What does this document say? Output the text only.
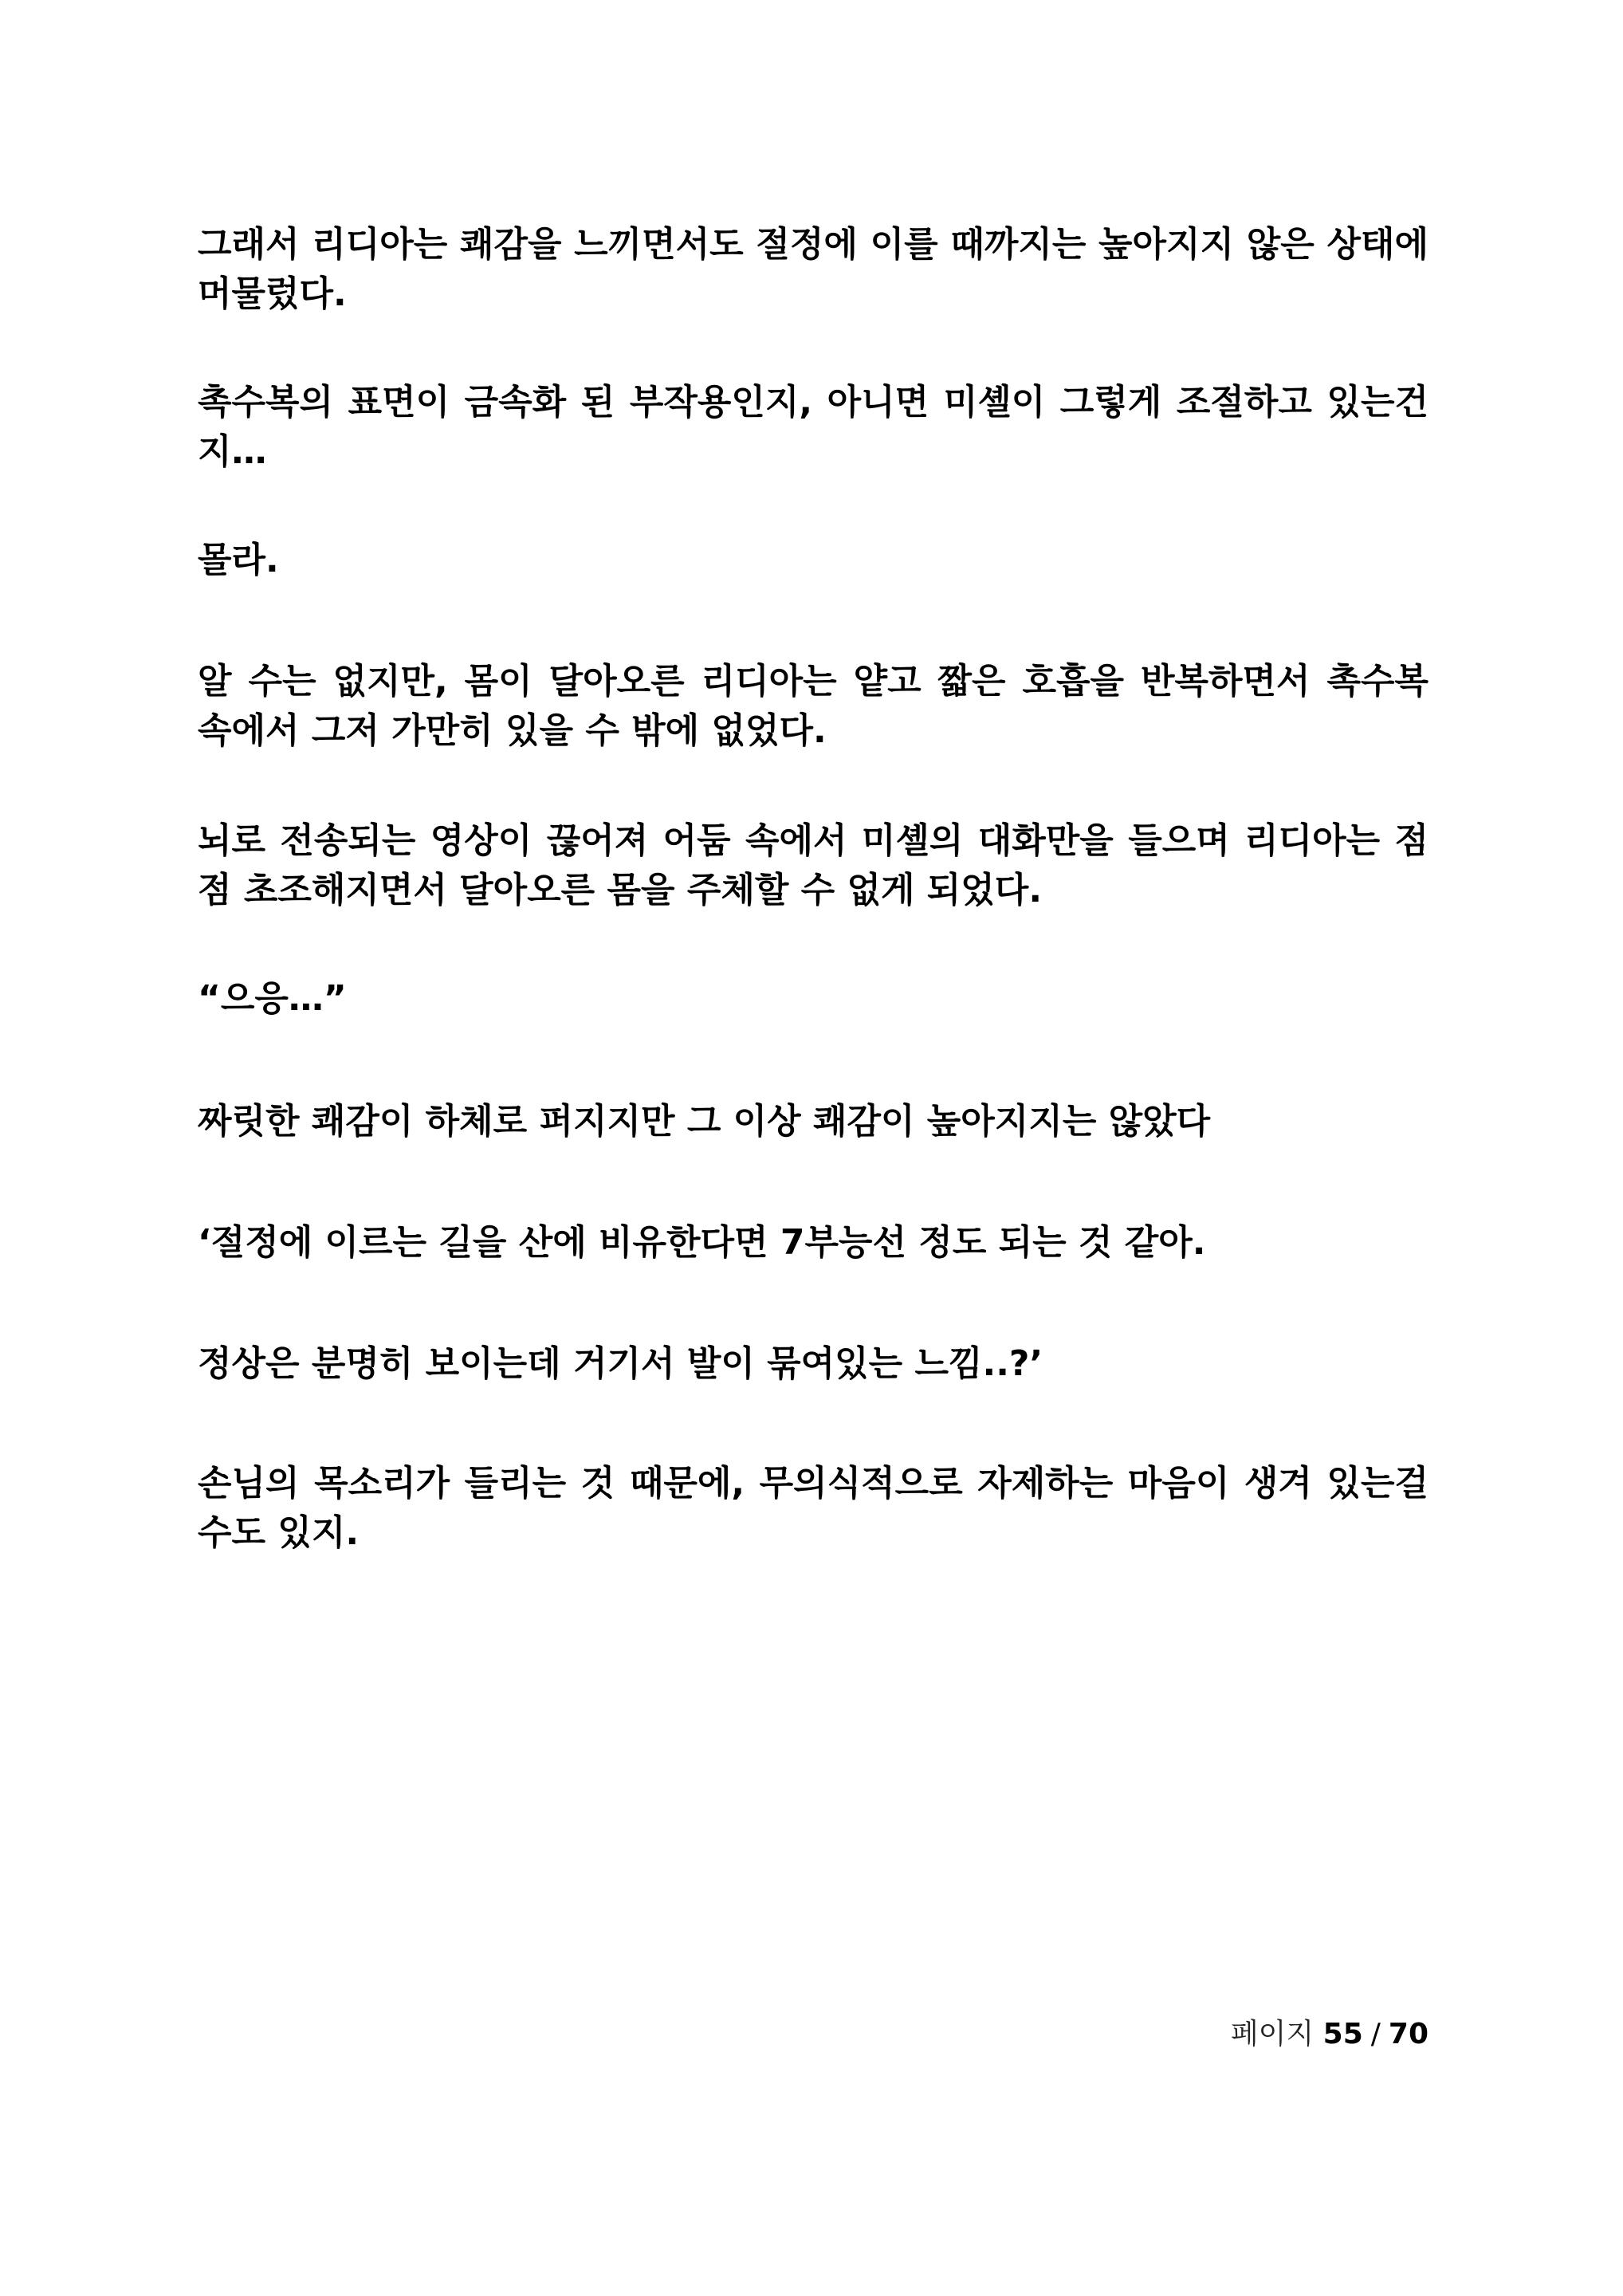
그래서 리디아는 쾌감을 느끼면서도 절정에 이를 때까지는 높아지지 않은 상태에 머물렀다.

촉수복의 표면이 금속화 된 부작용인지, 아니면 미셸이 그렇게 조절하고 있는건지…

몰라.

알 수는 없지만, 몸이 달아오른 리디아는 얕고 짧은 호흡을 반복하면서 촉수복 속에서 그저 가만히 있을 수 밖에 없었다.

뇌로 전송되는 영상이 끊어져 어둠 속에서 미셸의 대화만을 들으며 리디아는 점점 초조해지면서 달아오른 몸을 주체할 수 없게 되었다.

“으응…”

짜릿한 쾌감이 하체로 퍼지지만 그 이상 쾌감이 높아지지는 않았다

‘절정에 이르는 길을 산에 비유한다면 7부능선 정도 되는 것 같아.

정상은 분명히 보이는데 거기서 발이 묶여있는 느낌..?’

손님의 목소리가 들리는 것 때문에, 무의식적으로 자제하는 마음이 생겨 있는걸 수도 있지.

페이지 55 / 70
